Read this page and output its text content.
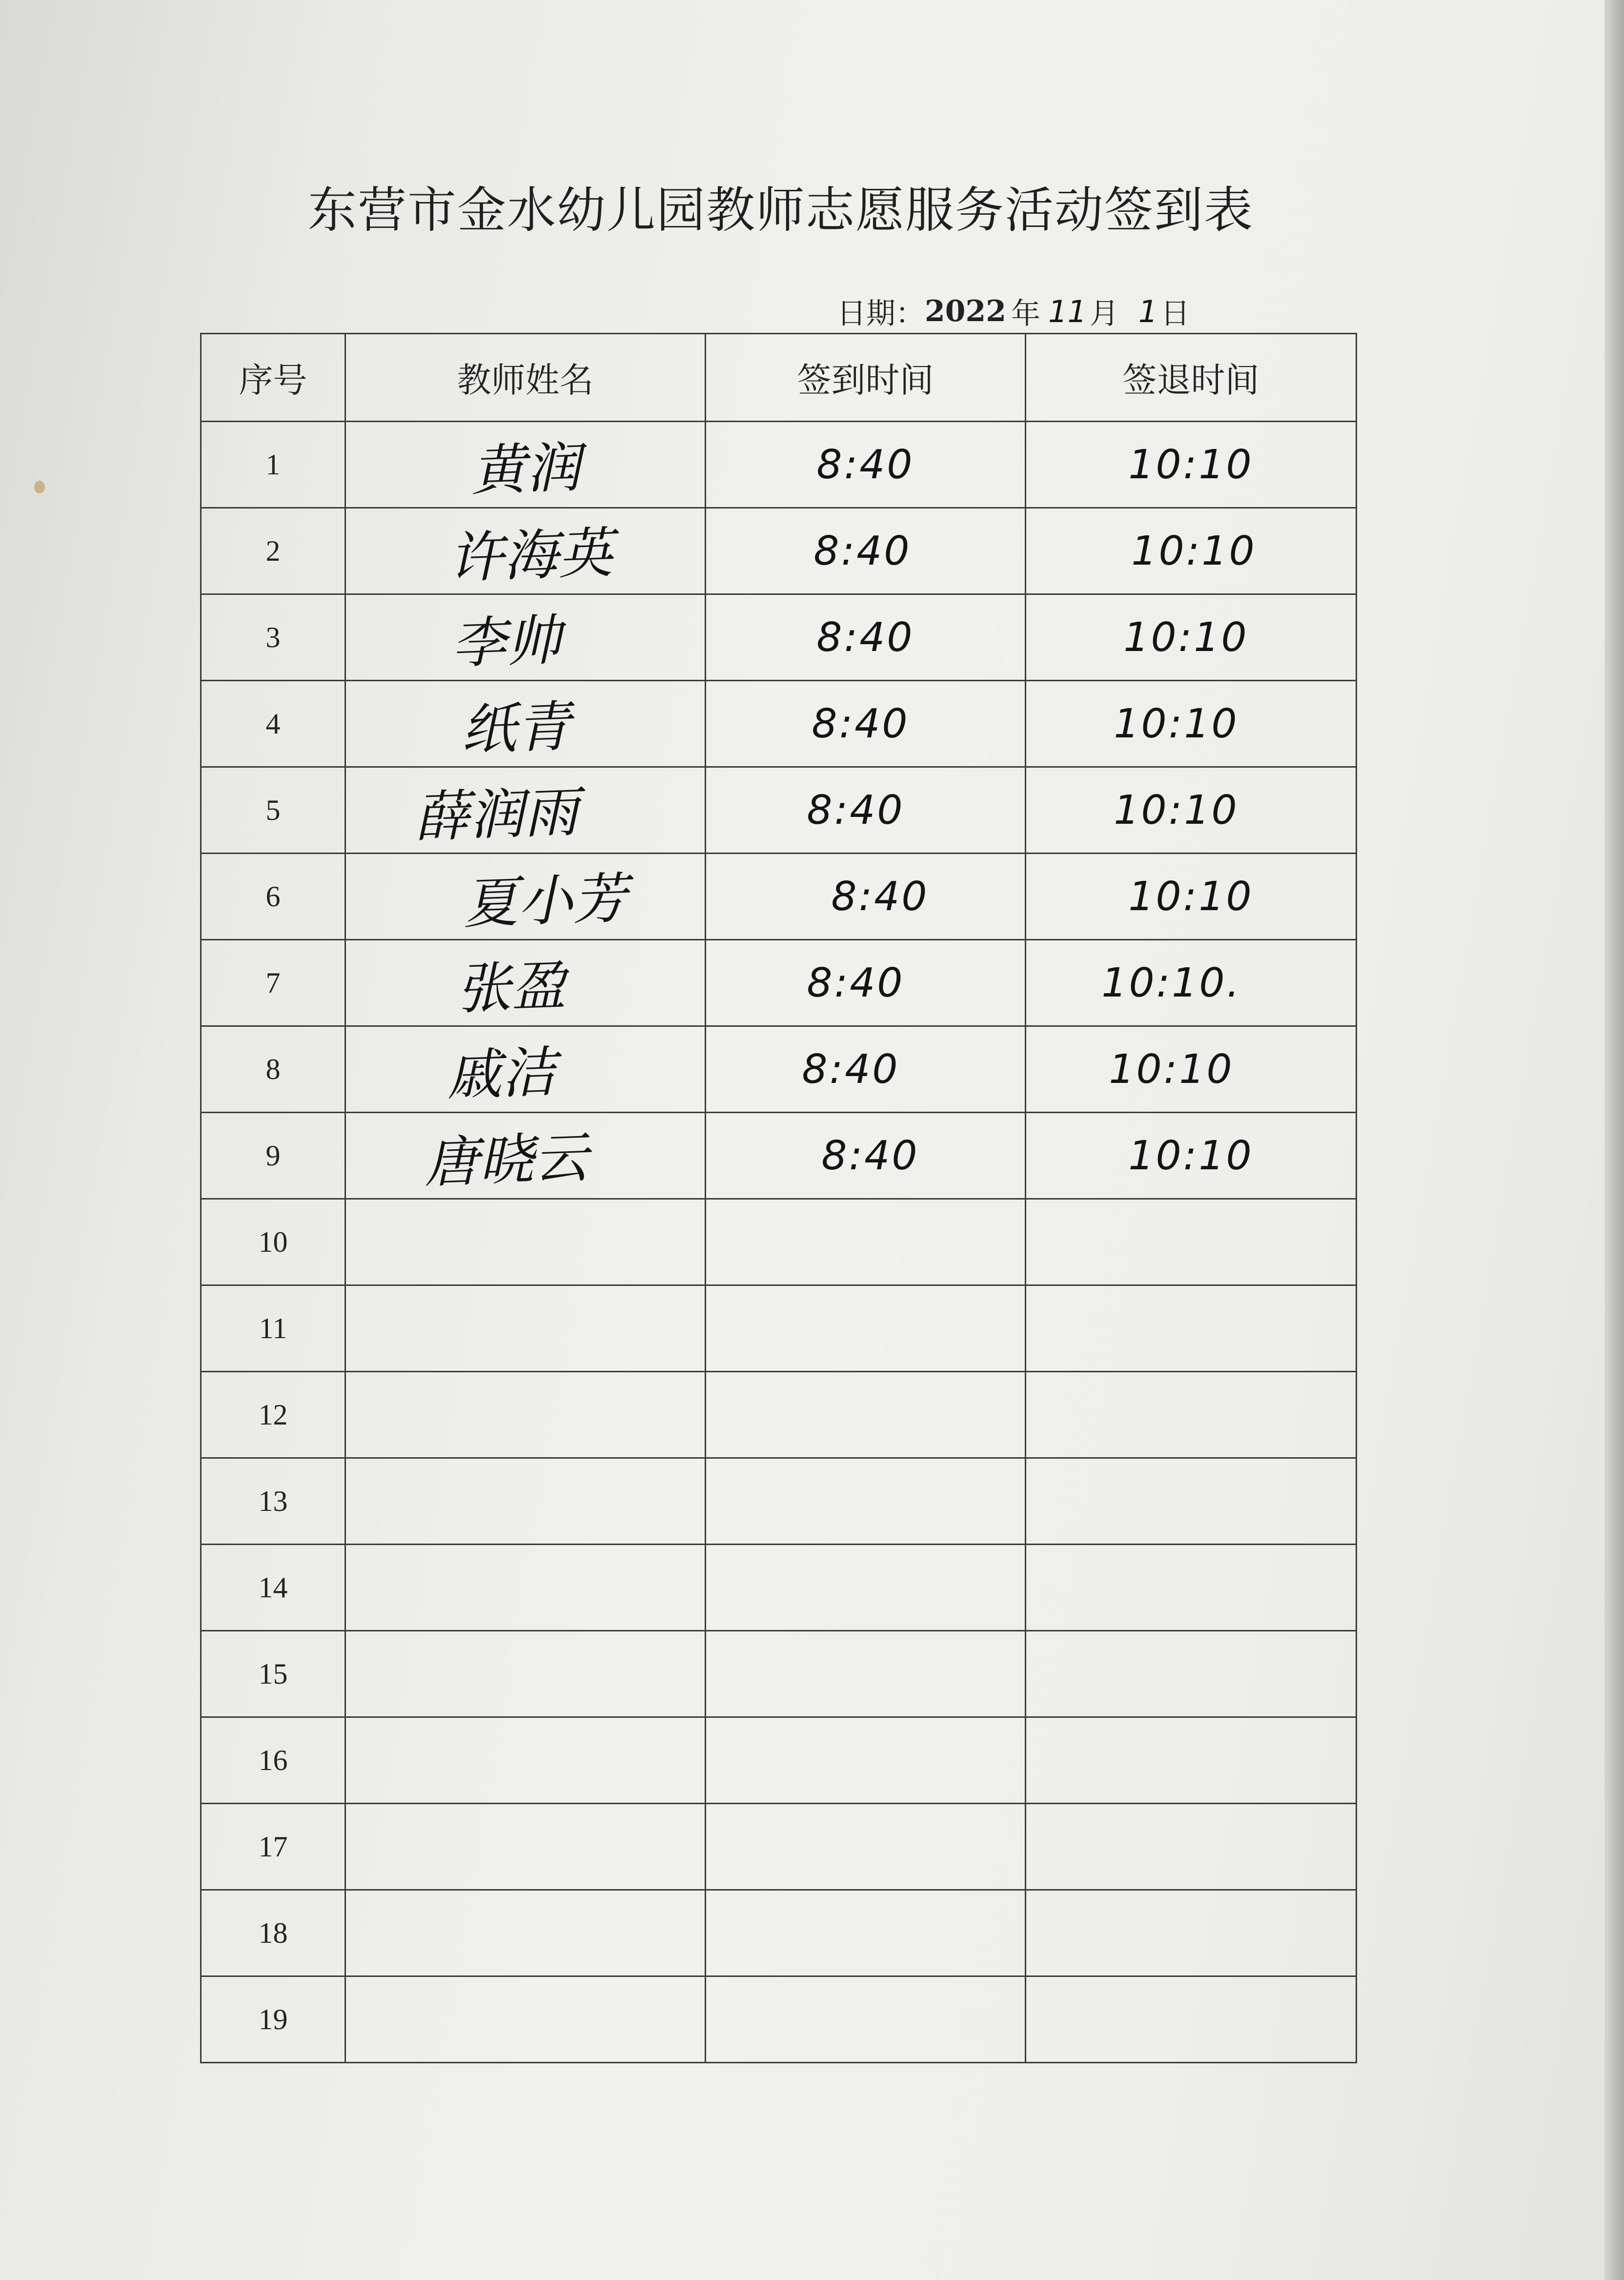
东营市金水幼儿园教师志愿服务活动签到表
日期： 2022 年 11 月 1 日
序号	教师姓名	签到时间	签退时间
1	黄润	8:40	10:10
2	许海英	8:40	10:10
3	李帅	8:40	10:10
4	纸青	8:40	10:10
5	薛润雨	8:40	10:10
6	夏小芳	8:40	10:10
7	张盈	8:40	10:10.
8	戚洁	8:40	10:10
9	唐晓云	8:40	10:10
10			
11			
12			
13			
14			
15			
16			
17			
18			
19			
